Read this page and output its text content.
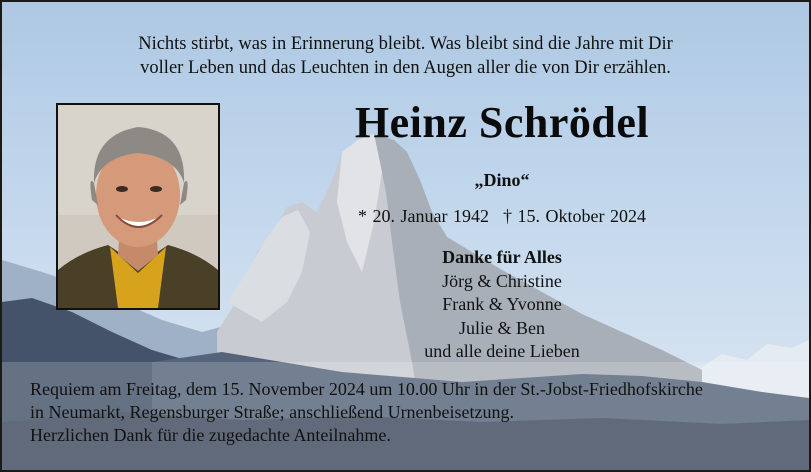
Nichts stirbt, was in Erinnerung bleibt. Was bleibt sind die Jahre mit Dir
voller Leben und das Leuchten in den Augen aller die von Dir erzählen.
Heinz Schrödel
„Dino“
* 20. Januar 1942 † 15. Oktober 2024
Danke für Alles
Jörg & Christine
Frank & Yvonne
Julie & Ben
und alle deine Lieben
Requiem am Freitag, dem 15. November 2024 um 10.00 Uhr in der St.-Jobst-Friedhofskirche
in Neumarkt, Regensburger Straße; anschließend Urnenbeisetzung.
Herzlichen Dank für die zugedachte Anteilnahme.
